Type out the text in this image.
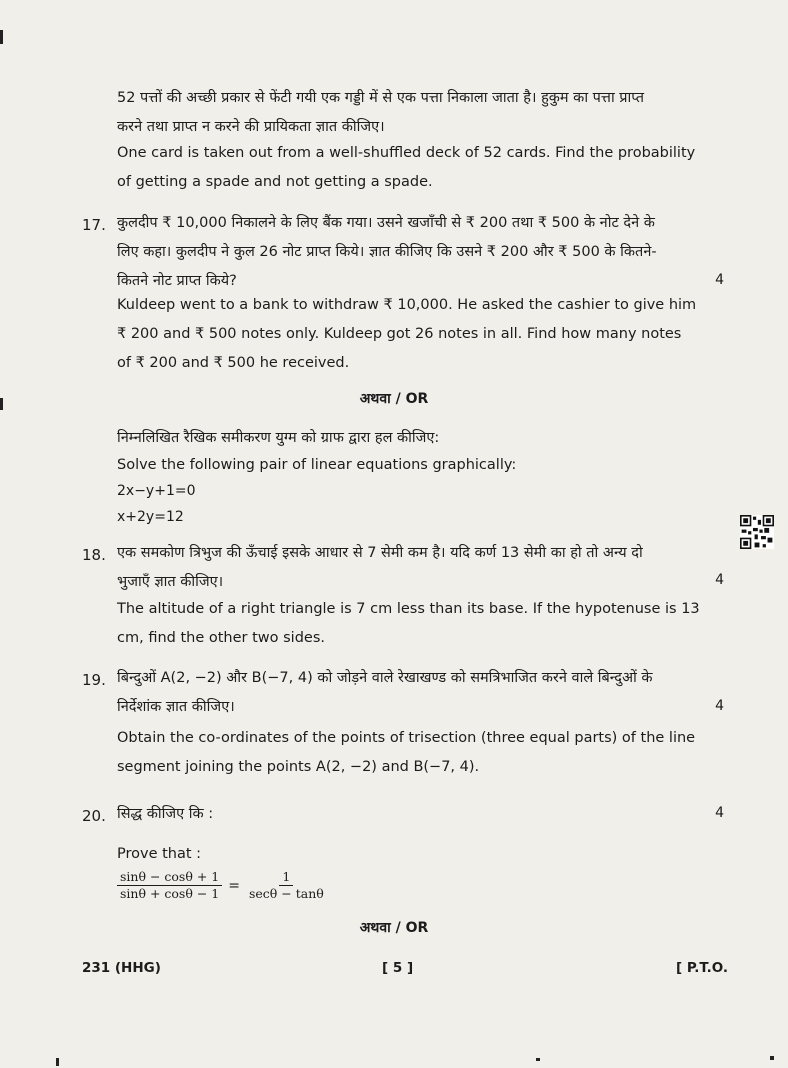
52 पत्तों की अच्छी प्रकार से फेंटी गयी एक गड्डी में से एक पत्ता निकाला जाता है। हुकुम का पत्ता प्राप्त
करने तथा प्राप्त न करने की प्रायिकता ज्ञात कीजिए।
One card is taken out from a well-shuffled deck of 52 cards. Find the probability
of getting a spade and not getting a spade.
17. कुलदीप ₹ 10,000 निकालने के लिए बैंक गया। उसने खजाँची से ₹ 200 तथा ₹ 500 के नोट देने के
लिए कहा। कुलदीप ने कुल 26 नोट प्राप्त किये। ज्ञात कीजिए कि उसने ₹ 200 और ₹ 500 के कितने-
कितने नोट प्राप्त किये?	4
Kuldeep went to a bank to withdraw ₹ 10,000. He asked the cashier to give him
₹ 200 and ₹ 500 notes only. Kuldeep got 26 notes in all. Find how many notes
of ₹ 200 and ₹ 500 he received.
अथवा / OR
निम्नलिखित रैखिक समीकरण युग्म को ग्राफ द्वारा हल कीजिए:
Solve the following pair of linear equations graphically:
2x−y+1=0
x+2y=12
18. एक समकोण त्रिभुज की ऊँचाई इसके आधार से 7 सेमी कम है। यदि कर्ण 13 सेमी का हो तो अन्य दो
भुजाएँ ज्ञात कीजिए।	4
The altitude of a right triangle is 7 cm less than its base. If the hypotenuse is 13
cm, find the other two sides.
19. बिन्दुओं A(2, −2) और B(−7, 4) को जोड़ने वाले रेखाखण्ड को समत्रिभाजित करने वाले बिन्दुओं के
निर्देशांक ज्ञात कीजिए।	4
Obtain the co-ordinates of the points of trisection (three equal parts) of the line
segment joining the points A(2, −2) and B(−7, 4).
20. सिद्ध कीजिए कि :	4
Prove that :
$\frac{\sin\theta - \cos\theta + 1}{\sin\theta + \cos\theta - 1} = \frac{1}{\sec\theta - \tan\theta}$
अथवा / OR
231 (HHG)	[ 5 ]	[ P.T.O.
